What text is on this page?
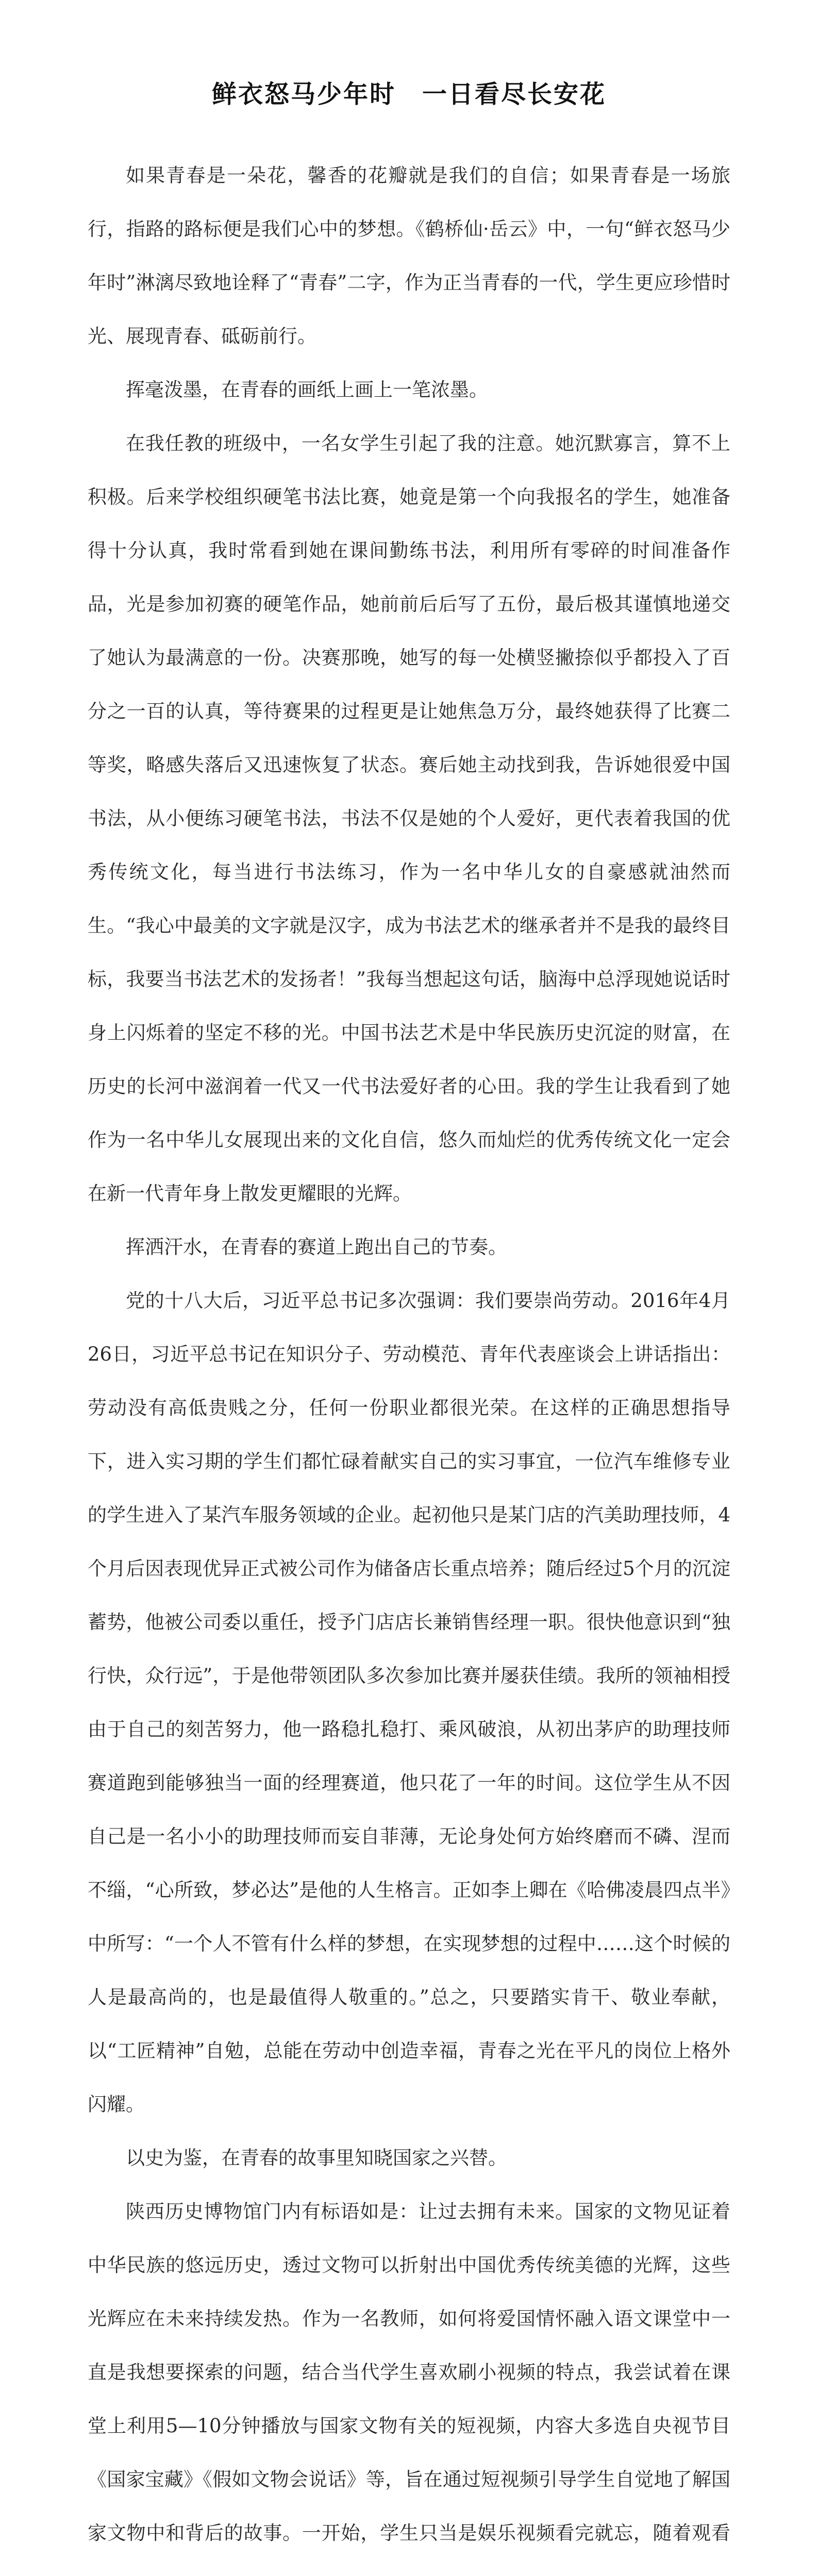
鲜衣怒马少年时　一日看尽长安花

如果青春是一朵花，馨香的花瓣就是我们的自信；如果青春是一场旅行，指路的路标便是我们心中的梦想。《鹤桥仙·岳云》中，一句“鲜衣怒马少年时”淋漓尽致地诠释了“青春”二字，作为正当青春的一代，学生更应珍惜时光、展现青春、砥砺前行。

挥毫泼墨，在青春的画纸上画上一笔浓墨。

在我任教的班级中，一名女学生引起了我的注意。她沉默寡言，算不上积极。后来学校组织硬笔书法比赛，她竟是第一个向我报名的学生，她准备得十分认真，我时常看到她在课间勤练书法，利用所有零碎的时间准备作品，光是参加初赛的硬笔作品，她前前后后写了五份，最后极其谨慎地递交了她认为最满意的一份。决赛那晚，她写的每一处横竖撇捺似乎都投入了百分之一百的认真，等待赛果的过程更是让她焦急万分，最终她获得了比赛二等奖，略感失落后又迅速恢复了状态。赛后她主动找到我，告诉她很爱中国书法，从小便练习硬笔书法，书法不仅是她的个人爱好，更代表着我国的优秀传统文化，每当进行书法练习，作为一名中华儿女的自豪感就油然而生。“我心中最美的文字就是汉字，成为书法艺术的继承者并不是我的最终目标，我要当书法艺术的发扬者！”我每当想起这句话，脑海中总浮现她说话时身上闪烁着的坚定不移的光。中国书法艺术是中华民族历史沉淀的财富，在历史的长河中滋润着一代又一代书法爱好者的心田。我的学生让我看到了她作为一名中华儿女展现出来的文化自信，悠久而灿烂的优秀传统文化一定会在新一代青年身上散发更耀眼的光辉。

挥洒汗水，在青春的赛道上跑出自己的节奏。

党的十八大后，习近平总书记多次强调：我们要崇尚劳动。2016年4月26日，习近平总书记在知识分子、劳动模范、青年代表座谈会上讲话指出：劳动没有高低贵贱之分，任何一份职业都很光荣。在这样的正确思想指导下，进入实习期的学生们都忙碌着献实自己的实习事宜，一位汽车维修专业的学生进入了某汽车服务领域的企业。起初他只是某门店的汽美助理技师，4个月后因表现优异正式被公司作为储备店长重点培养；随后经过5个月的沉淀蓄势，他被公司委以重任，授予门店店长兼销售经理一职。很快他意识到“独行快，众行远”，于是他带领团队多次参加比赛并屡获佳绩。我所的领袖相授由于自己的刻苦努力，他一路稳扎稳打、乘风破浪，从初出茅庐的助理技师赛道跑到能够独当一面的经理赛道，他只花了一年的时间。这位学生从不因自己是一名小小的助理技师而妄自菲薄，无论身处何方始终磨而不磷、涅而不缁，“心所致，梦必达”是他的人生格言。正如李上卿在《哈佛凌晨四点半》中所写：“一个人不管有什么样的梦想，在实现梦想的过程中……这个时候的人是最高尚的，也是最值得人敬重的。”总之，只要踏实肯干、敬业奉献，以“工匠精神”自勉，总能在劳动中创造幸福，青春之光在平凡的岗位上格外闪耀。

以史为鉴，在青春的故事里知晓国家之兴替。

陕西历史博物馆门内有标语如是：让过去拥有未来。国家的文物见证着中华民族的悠远历史，透过文物可以折射出中国优秀传统美德的光辉，这些光辉应在未来持续发热。作为一名教师，如何将爱国情怀融入语文课堂中一直是我想要探索的问题，结合当代学生喜欢刷小视频的特点，我尝试着在课堂上利用5—10分钟播放与国家文物有关的短视频，内容大多选自央视节目《国家宝藏》《假如文物会说话》等，旨在通过短视频引导学生自觉地了解国家文物中和背后的故事。一开始，学生只当是娱乐视频看完就忘，随着观看
